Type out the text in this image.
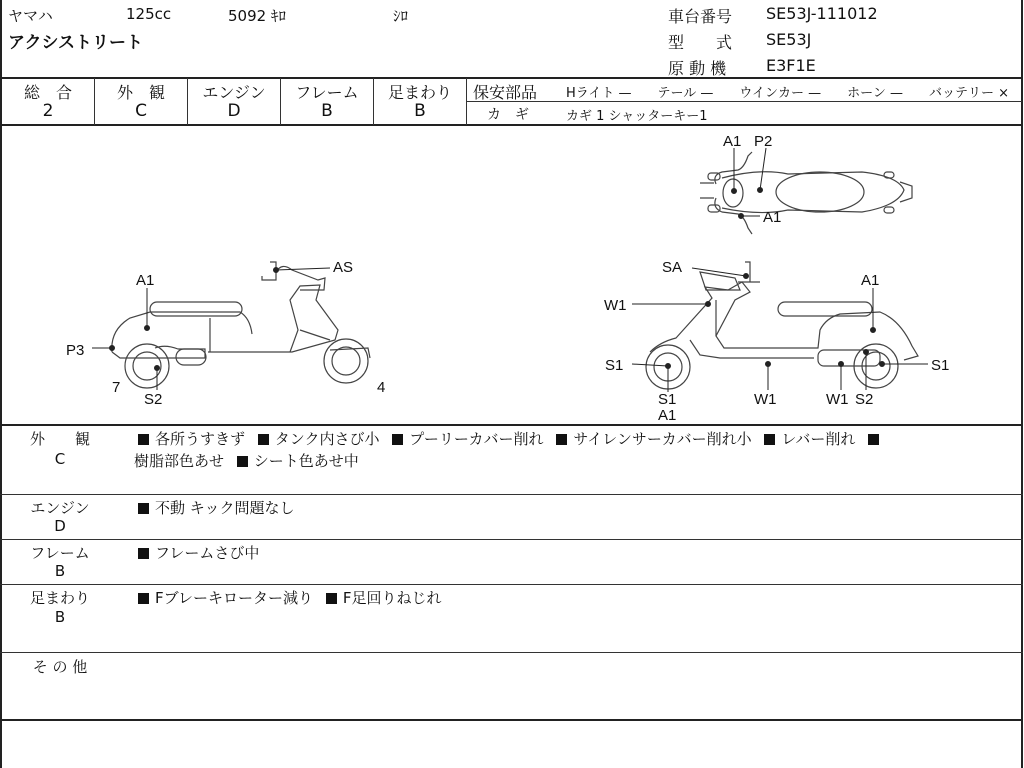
ヤマハ	125cc	5092 ｷﾛ	ｼﾛ
アクシストリート
車台番号 SE53J-111012
型　　式 SE53J
原 動 機 E3F1E
総　合
2
外　観
C
エンジン
D
フレーム
B
足まわり
B
保安部品 Hライト —　　テール —　　ウインカー —　　ホーン —　　バッテリー ×
カ　ギ	カギ 1 シャッターキー1
A1 P2
A1
AS
A1
P3
7
S2
4
SA
A1
W1
S1	S1
S1
A1
W1	W1 S2
外　　観
C
各所うすきず タンク内さび小 プーリーカバー削れ サイレンサーカバー削れ小 レバー削れ
樹脂部色あせ シート色あせ中
エンジン
D
不動 キック問題なし
フレーム
B
フレームさび中
足まわり
B
Fブレーキローター減り F足回りねじれ
そ の 他
